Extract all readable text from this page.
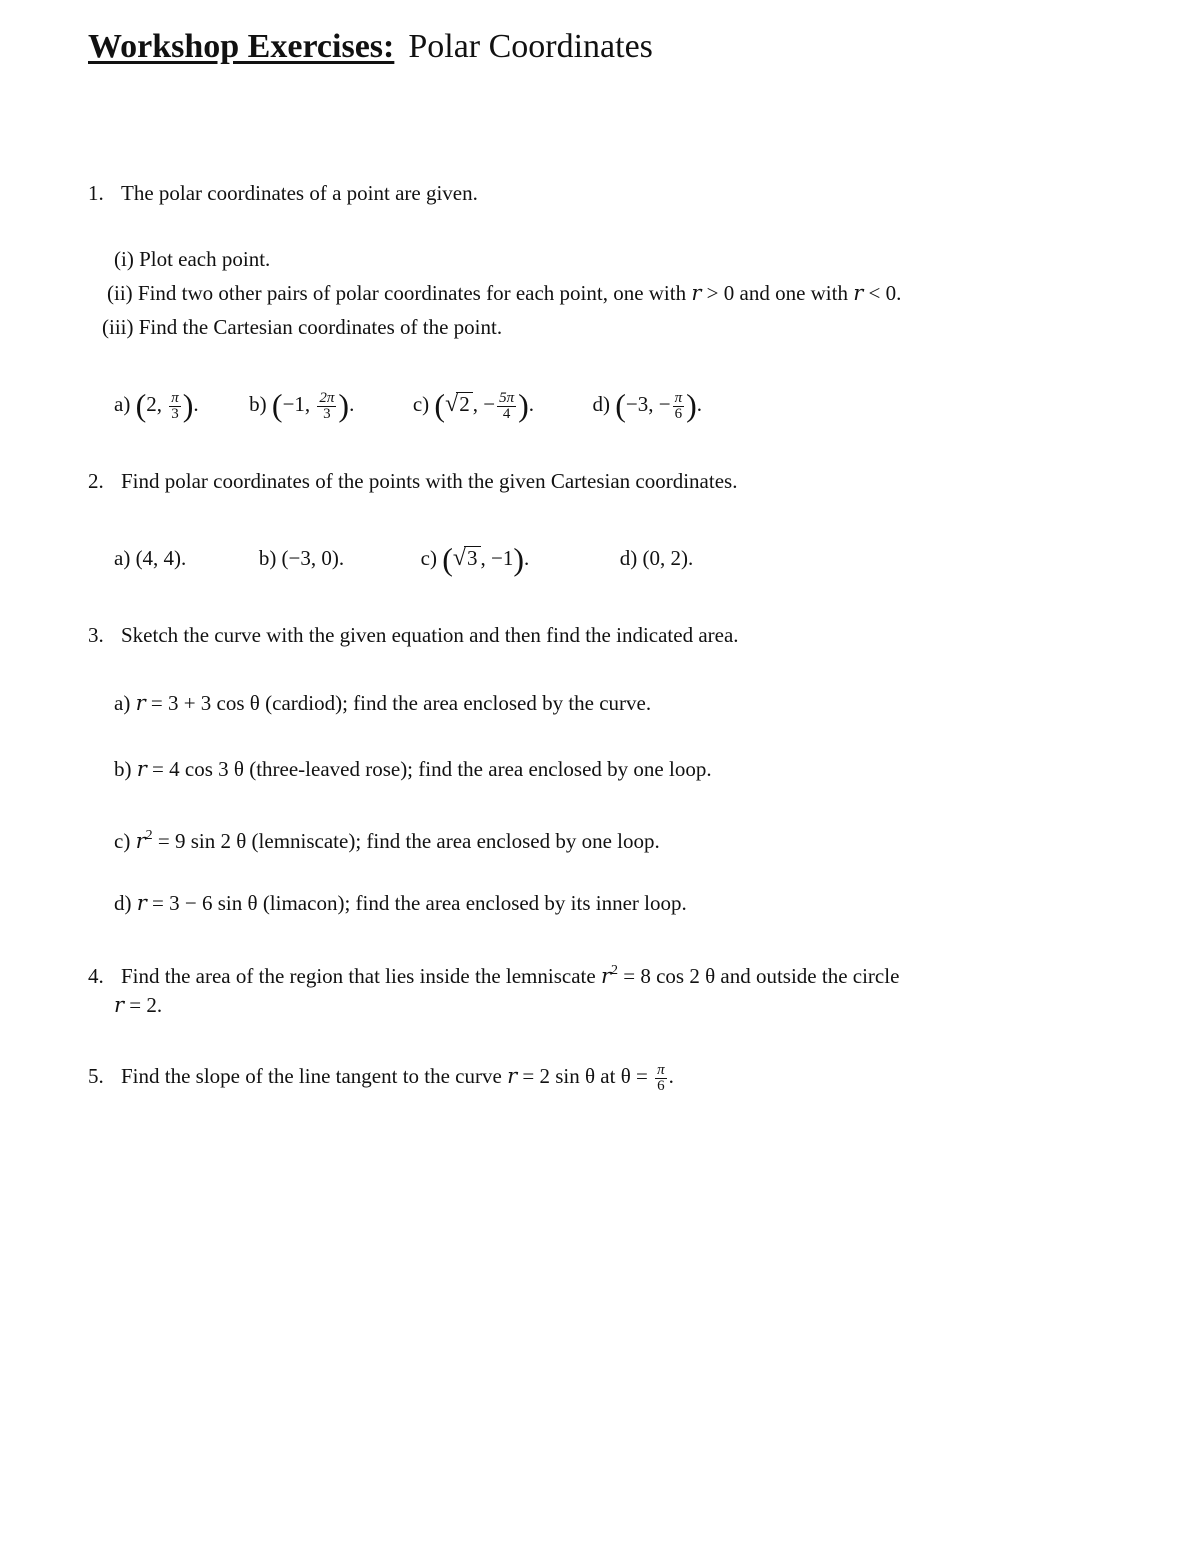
Workshop Exercises: Polar Coordinates
1. The polar coordinates of a point are given.
(i) Plot each point.
(ii) Find two other pairs of polar coordinates for each point, one with r > 0 and one with r < 0.
(iii) Find the Cartesian coordinates of the point.
a) (2, $\frac{\pi}{3}$ ).  b) (−1, $\frac{2\pi}{3}$ ).	c) (√2 , − $\frac{5\pi}{4}$ ).	d) (−3, − $\frac{\pi}{6}$ ).
2. Find polar coordinates of the points with the given Cartesian coordinates.
a) (4, 4).	b) (−3, 0).	c) (√3 , −1).	d) (0, 2).
3. Sketch the curve with the given equation and then find the indicated area.
a) r = 3 + 3 cos θ (cardiod); find the area enclosed by the curve.
b) r = 4 cos 3 θ (three-leaved rose); find the area enclosed by one loop.
c) $r^2 = 9$ sin 2 θ (lemniscate); find the area enclosed by one loop.
d) r = 3 − 6 sin θ (limacon); find the area enclosed by its inner loop.
4. Find the area of the region that lies inside the lemniscate $r^2 = 8$ cos 2 θ and outside the circle
r = 2.
5. Find the slope of the line tangent to the curve r = 2 sin θ at $\theta = \frac{\pi}{6}$ .
